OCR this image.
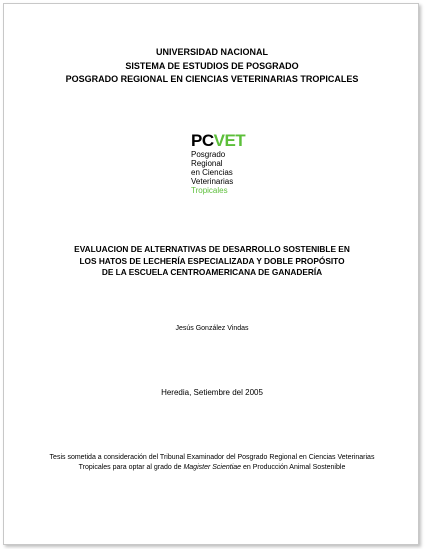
UNIVERSIDAD NACIONAL
SISTEMA DE ESTUDIOS DE POSGRADO
POSGRADO REGIONAL EN CIENCIAS VETERINARIAS TROPICALES
PCVET
Posgrado
Regional
en Ciencias
Veterinarias
Tropicales
EVALUACION DE ALTERNATIVAS DE DESARROLLO SOSTENIBLE EN
LOS HATOS DE LECHERÍA ESPECIALIZADA Y DOBLE PROPÓSITO
DE LA ESCUELA CENTROAMERICANA DE GANADERÍA
Jesús González Vindas
Heredia, Setiembre del 2005
Tesis sometida a consideración del Tribunal Examinador del Posgrado Regional en Ciencias Veterinarias Tropicales para optar al grado de Magister Scientiae en Producción Animal Sostenible
